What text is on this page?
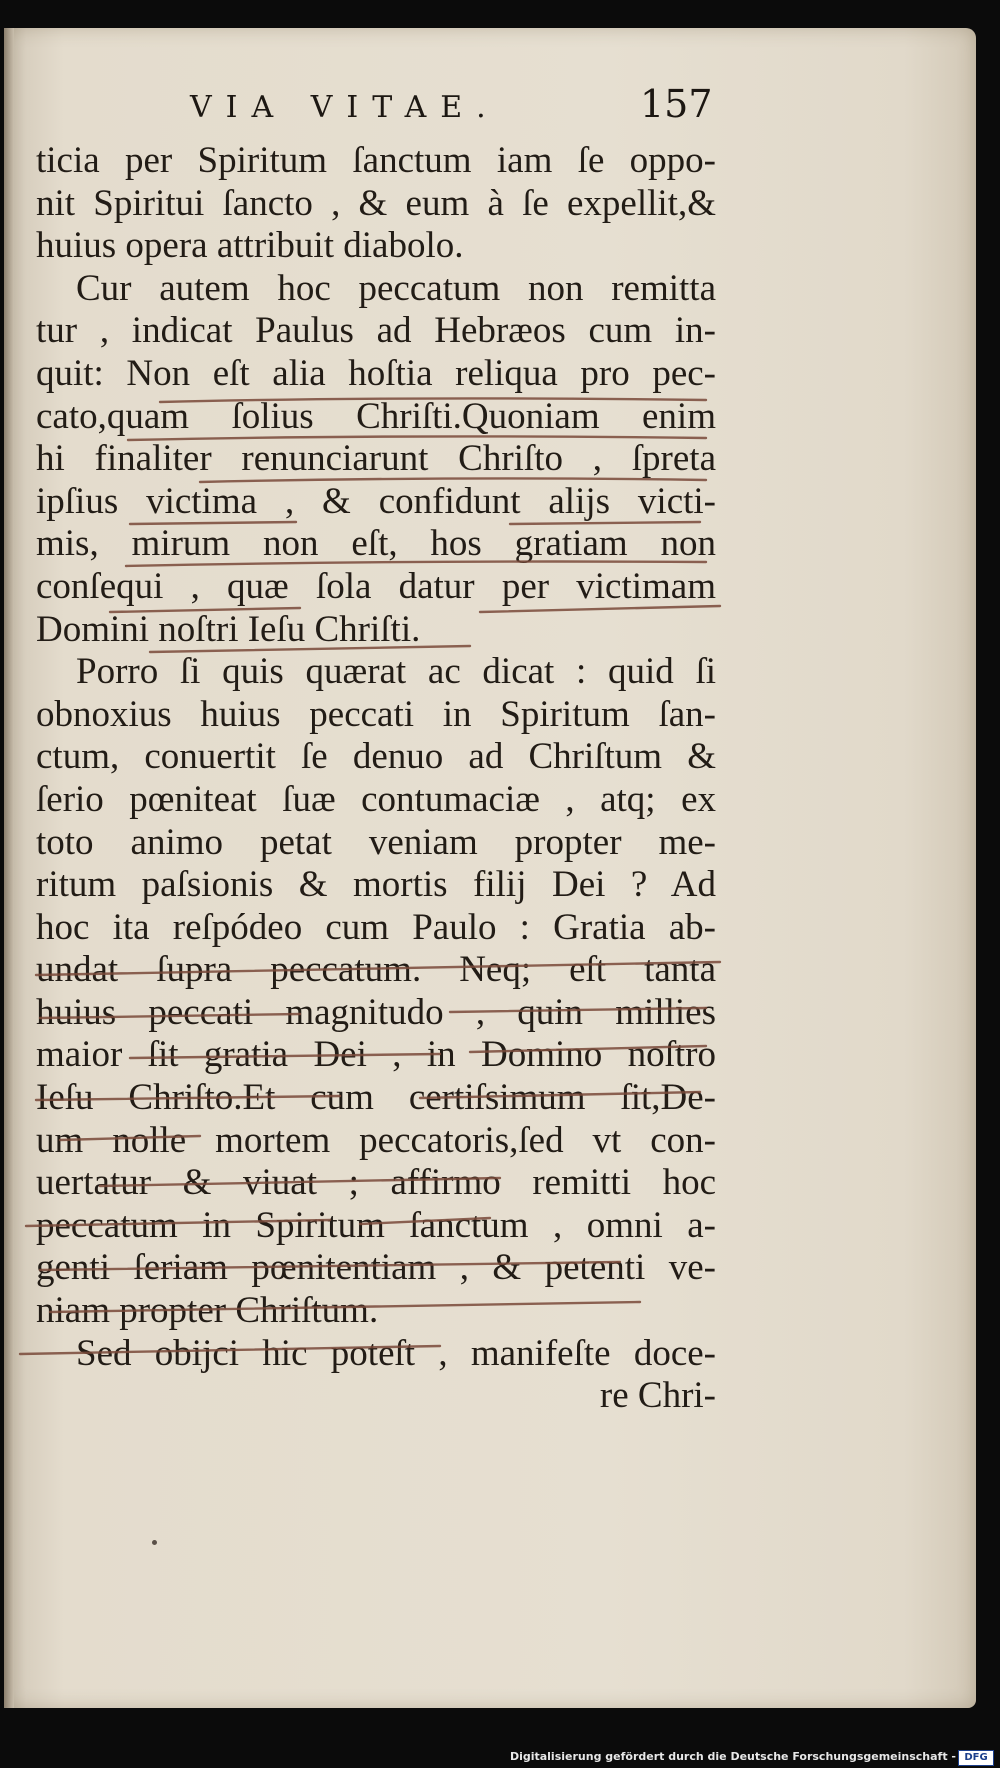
VIA VITAE.	157
ticia per Spiritum ſanctum iam ſe oppo-
nit Spiritui ſancto , & eum à ſe expellit,&
huius opera attribuit diabolo.
Cur autem hoc peccatum non remitta
tur , indicat Paulus ad Hebræos cum in-
quit: Non eſt alia hoſtia reliqua pro pec-
cato,quam ſolius Chriſti.Quoniam enim
hi finaliter renunciarunt Chriſto , ſpreta
ipſius victima , & confidunt alijs victi-
mis, mirum non eſt, hos gratiam non
conſequi , quæ ſola datur per victimam
Domini noſtri Ieſu Chriſti.
Porro ſi quis quærat ac dicat : quid ſi
obnoxius huius peccati in Spiritum ſan-
ctum, conuertit ſe denuo ad Chriſtum &
ſerio pœniteat ſuæ contumaciæ , atq; ex
toto animo petat veniam propter me-
ritum paſsionis & mortis filij Dei ? Ad
hoc ita reſpódeo cum Paulo : Gratia ab-
undat ſupra peccatum. Neq; eſt tanta
huius peccati magnitudo , quin millies
maior ſit gratia Dei , in Domino noſtro
Ieſu Chriſto.Et cum certiſsimum ſit,De-
um nolle mortem peccatoris,ſed vt con-
uertatur & viuat ; affirmo remitti hoc
peccatum in Spiritum ſanctum , omni a-
genti ſeriam pœnitentiam , & petenti ve-
niam propter Chriſtum.
Sed obijci hic poteſt , manifeſte doce-
re Chri-
Digitalisierung gefördert durch die Deutsche Forschungsgemeinschaft - DFG
